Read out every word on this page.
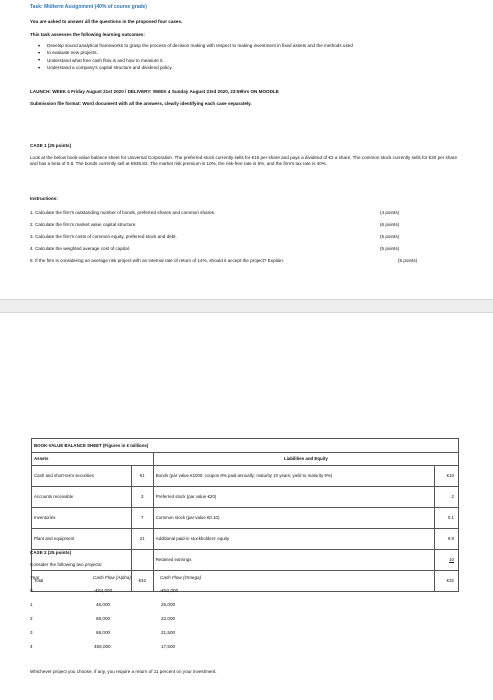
Task: Midterm Assignment (40% of course grade)
You are asked to answer all the questions in the proposed four cases.
This task assesses the following learning outcomes:
• Develop sound analytical frameworks to grasp the process of decision making with respect to making investment in fixed assets and the methods used
• to evaluate new projects.
• Understand what free cash flow is and how to measure it.
• Understand a company's capital structure and dividend policy.
LAUNCH: WEEK 4 Friday August 21st 2020 / DELIVERY: WEEK 4 Sunday August 23rd 2020, 23:59hrs ON MOODLE
Submission file format: Word document with all the answers, clearly identifying each case separately.
CASE 1 (25 points)
Look at the below book-value balance sheet for Universal Corporation. The preferred stock currently sells for €15 per share and pays a dividend of €2 a share. The common stock currently sells for €20 per share and has a beta of 0.8. The bonds currently sell at €935.82. The market risk premium is 10%, the risk-free rate is 6%, and the firm's tax rate is 40%.
Instructions:
1. Calculate the firm's outstanding number of bonds, preferred shares and common shares.	(4 points)
2. Calculate the firm's market value capital structure.	(6 points)
3. Calculate the firm's costs of common equity, preferred stock and debt.	(5 points)
4. Calculate the weighted average cost of capital.	(5 points)
5. If the firm is considering an average risk project with an internal rate of return of 14%, should it accept the project? Explain.	(5 points)
BOOK-VALUE BALANCE SHEET (Figures in € millions)			
Assets		Liabilities and Equity	
Cash and short-term securities	€1	Bonds (par value €1000; coupon 8% paid annually; maturity 10 years; yield to maturity 9%)	€10
Accounts receivable	3	Preferred stock (par value €20)	2
Inventories	7	Common stock (par value €0.10)	0.1
Plant and equipment	21	Additional paid-in stockholders' equity	9.9
		Retained earnings	10
Total	€32		€32
CASE 2 (25 points)
Consider the following two projects:
Year	Cash Flow (Alpha)	Cash Flow (Omega)
0	-€64,000	-€52,000
1	46,000	25,000
2	68,000	22,000
3	68,000	21,500
4	458,000	17,500
Whichever project you choose, if any, you require a return of 11 percent on your investment.
